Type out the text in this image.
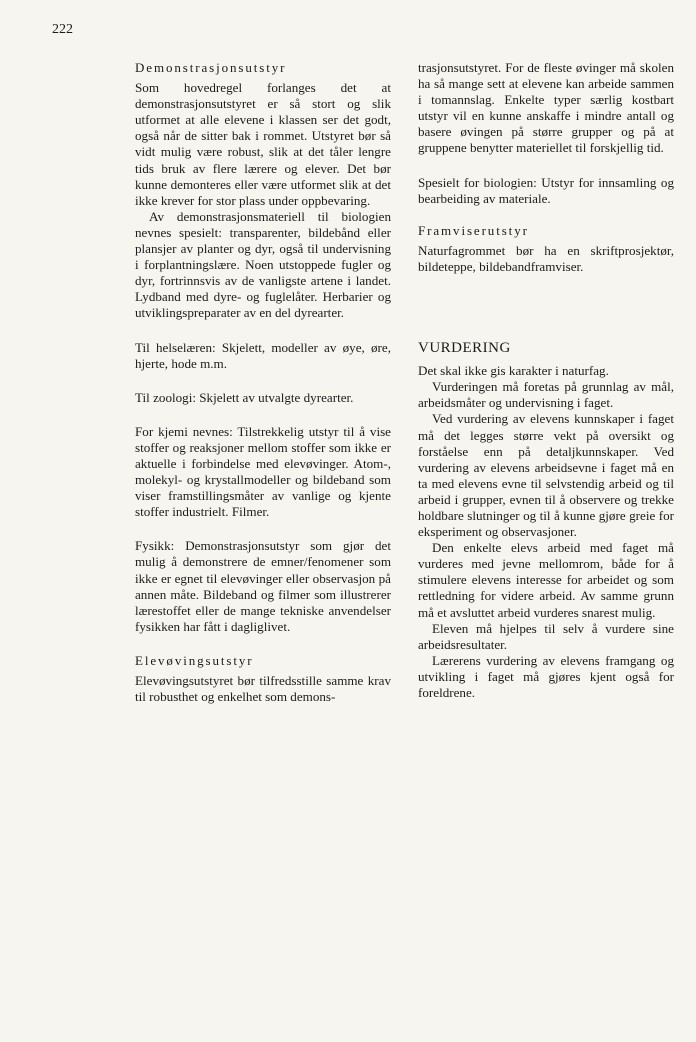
222
Demonstrasjonsutstyr

Som hovedregel forlanges det at demonstrasjonsutstyret er så stort og slik utformet at alle elevene i klassen ser det godt, også når de sitter bak i rommet. Utstyret bør så vidt mulig være robust, slik at det tåler lengre tids bruk av flere lærere og elever. Det bør kunne demonteres eller være utformet slik at det ikke krever for stor plass under oppbevaring.

Av demonstrasjonsmateriell til biologien nevnes spesielt: transparenter, bildebånd eller plansjer av planter og dyr, også til undervisning i forplantningslære. Noen utstoppede fugler og dyr, fortrinnsvis av de vanligste artene i landet. Lydband med dyre- og fuglelåter. Herbarier og utviklingspreparater av en del dyrearter.

Til helselæren: Skjelett, modeller av øye, øre, hjerte, hode m.m.

Til zoologi: Skjelett av utvalgte dyrearter.

For kjemi nevnes: Tilstrekkelig utstyr til å vise stoffer og reaksjoner mellom stoffer som ikke er aktuelle i forbindelse med elevøvinger. Atom-, molekyl- og krystallmodeller og bildeband som viser framstillingsmåter av vanlige og kjente stoffer industrielt. Filmer.

Fysikk: Demonstrasjonsutstyr som gjør det mulig å demonstrere de emner/fenomener som ikke er egnet til elevøvinger eller observasjon på annen måte. Bildeband og filmer som illustrerer lærestoffet eller de mange tekniske anvendelser fysikken har fått i dagliglivet.

Elevøvingsutstyr

Elevøvingsutstyret bør tilfredsstille samme krav til robusthet og enkelhet som demons-

trasjonsutstyret. For de fleste øvinger må skolen ha så mange sett at elevene kan arbeide sammen i tomannslag. Enkelte typer særlig kostbart utstyr vil en kunne anskaffe i mindre antall og basere øvingen på større grupper og på at gruppene benytter materiellet til forskjellig tid.

Spesielt for biologien: Utstyr for innsamling og bearbeiding av materiale.

Framviserutstyr

Naturfagrommet bør ha en skriftprosjektør, bildeteppe, bildebandframviser.

VURDERING

Det skal ikke gis karakter i naturfag.

Vurderingen må foretas på grunnlag av mål, arbeidsmåter og undervisning i faget.

Ved vurdering av elevens kunnskaper i faget må det legges større vekt på oversikt og forståelse enn på detaljkunnskaper. Ved vurdering av elevens arbeidsevne i faget må en ta med elevens evne til selvstendig arbeid og til arbeid i grupper, evnen til å observere og trekke holdbare slutninger og til å kunne gjøre greie for eksperiment og observasjoner.

Den enkelte elevs arbeid med faget må vurderes med jevne mellomrom, både for å stimulere elevens interesse for arbeidet og som rettledning for videre arbeid. Av samme grunn må et avsluttet arbeid vurderes snarest mulig.

Eleven må hjelpes til selv å vurdere sine arbeidsresultater.

Lærerens vurdering av elevens framgang og utvikling i faget må gjøres kjent også for foreldrene.
